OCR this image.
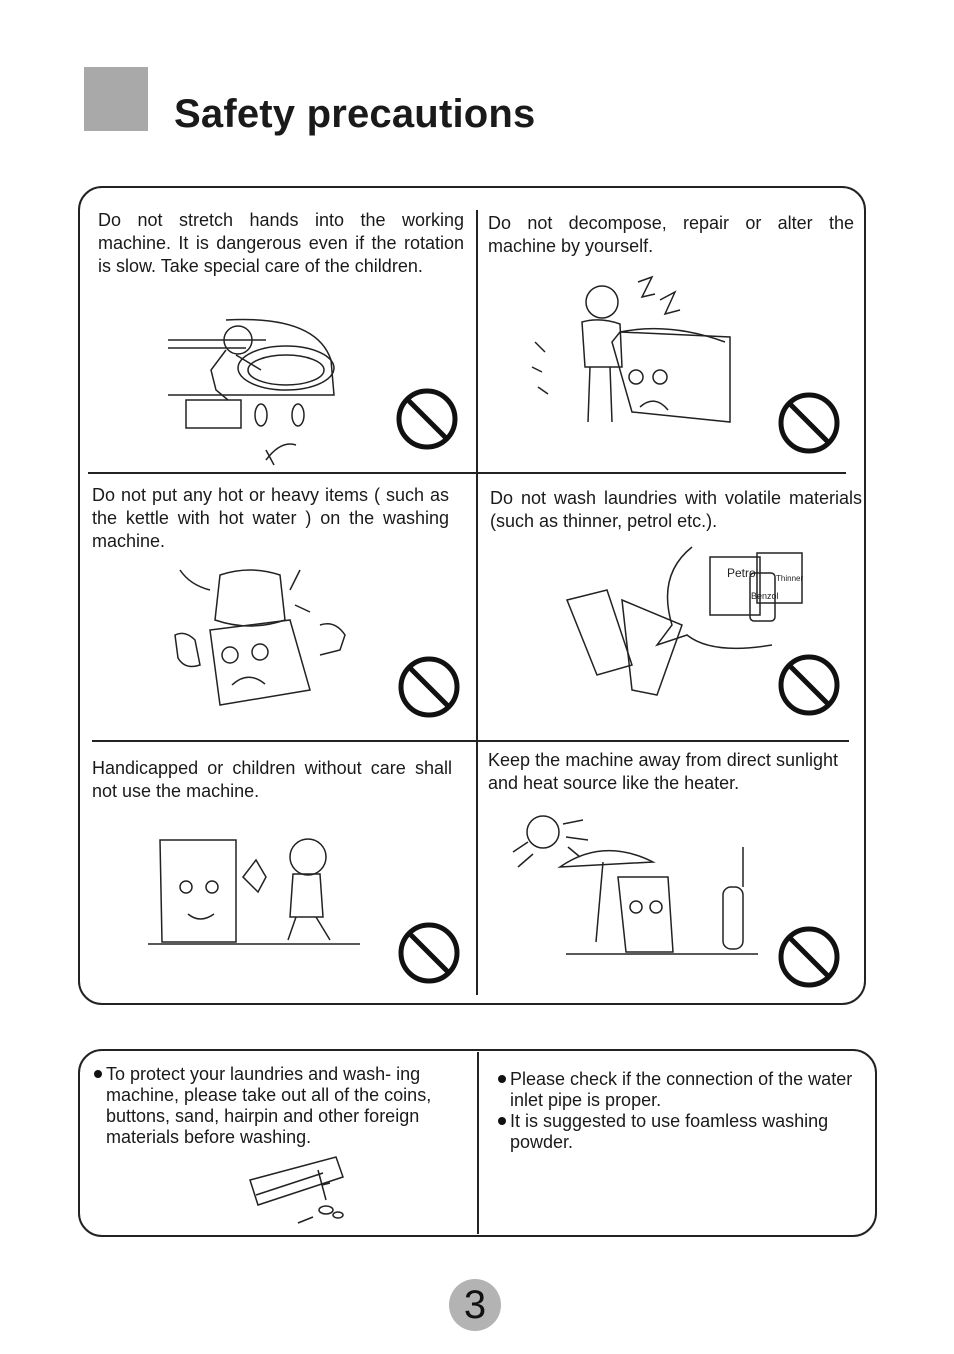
Safety precautions
Do not stretch hands into the working machine. It is dangerous even if the rotation is slow. Take special care of the children.
Do not decompose, repair or alter the machine by yourself.
Do not put any hot or heavy items ( such as the kettle with hot water ) on the washing machine.
Do not wash laundries with volatile materials (such as thinner, petrol etc.).
Petrol Thinner
Benzol
Handicapped or children without care shall not use the machine.
Keep the machine away from direct sunlight and heat source like the heater.
To protect your laundries and wash- ing machine, please take out all of the coins, buttons, sand, hairpin and other foreign materials before washing.
Please check if the connection of the water inlet pipe is proper.
It is suggested to use foamless washing powder.
3
